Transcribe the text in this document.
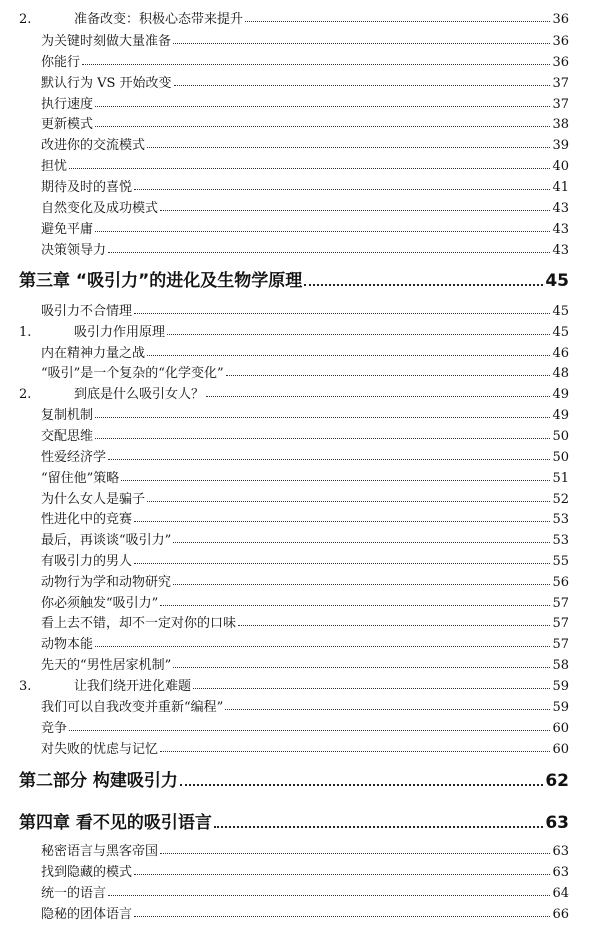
2.	准备改变：积极心态带来提升	36
为关键时刻做大量准备	36
你能行	36
默认行为 VS 开始改变	37
执行速度	37
更新模式	38
改进你的交流模式	39
担忧	40
期待及时的喜悦	41
自然变化及成功模式	43
避免平庸	43
决策领导力	43
第三章 “吸引力”的进化及生物学原理	45
吸引力不合情理	45
1.	吸引力作用原理	45
内在精神力量之战	46
“吸引”是一个复杂的“化学变化”	48
2.	到底是什么吸引女人？	49
复制机制	49
交配思维	50
性爱经济学	50
“留住他”策略	51
为什么女人是骗子	52
性进化中的竞赛	53
最后，再谈谈“吸引力”	53
有吸引力的男人	55
动物行为学和动物研究	56
你必须触发“吸引力”	57
看上去不错，却不一定对你的口味	57
动物本能	57
先天的“男性居家机制”	58
3.	让我们绕开进化难题	59
我们可以自我改变并重新“编程”	59
竞争	60
对失败的忧虑与记忆	60
第二部分 构建吸引力	62
第四章 看不见的吸引语言	63
秘密语言与黑客帝国	63
找到隐藏的模式	63
统一的语言	64
隐秘的团体语言	66
